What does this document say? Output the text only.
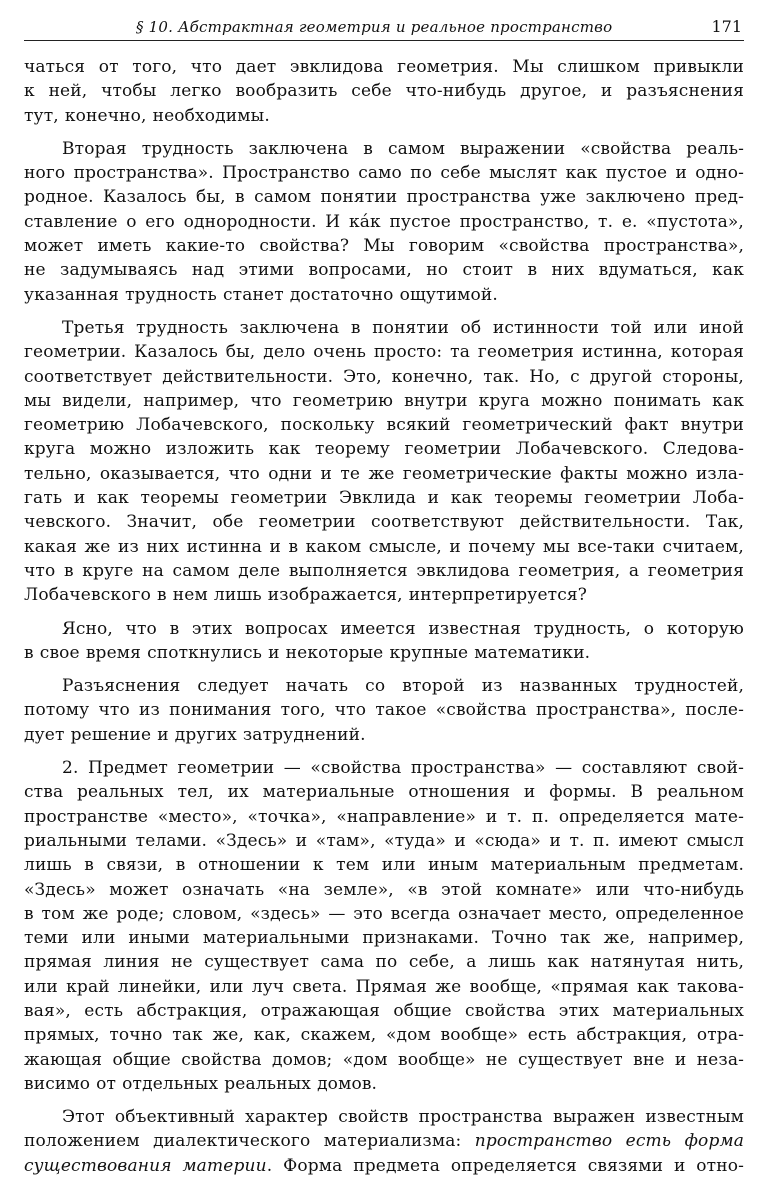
§ 10. Абстрактная геометрия и реальное пространство	171
чаться от того, что дает эвклидова геометрия. Мы слишком привыкли
к ней, чтобы легко вообразить себе что-нибудь другое, и разъяснения
тут, конечно, необходимы.
Вторая трудность заключена в самом выражении «свойства реаль-
ного пространства». Пространство само по себе мыслят как пустое и одно-
родное. Казалось бы, в самом понятии пространства уже заключено пред-
ставление о его однородности. И кáк пустое пространство, т. е. «пустота»,
может иметь какие-то свойства? Мы говорим «свойства пространства»,
не задумываясь над этими вопросами, но стоит в них вдуматься, как
указанная трудность станет достаточно ощутимой.
Третья трудность заключена в понятии об истинности той или иной
геометрии. Казалось бы, дело очень просто: та геометрия истинна, которая
соответствует действительности. Это, конечно, так. Но, с другой стороны,
мы видели, например, что геометрию внутри круга можно понимать как
геометрию Лобачевского, поскольку всякий геометрический факт внутри
круга можно изложить как теорему геометрии Лобачевского. Следова-
тельно, оказывается, что одни и те же геометрические факты можно изла-
гать и как теоремы геометрии Эвклида и как теоремы геометрии Лоба-
чевского. Значит, обе геометрии соответствуют действительности. Так,
какая же из них истинна и в каком смысле, и почему мы все-таки считаем,
что в круге на самом деле выполняется эвклидова геометрия, а геометрия
Лобачевского в нем лишь изображается, интерпретируется?
Ясно, что в этих вопросах имеется известная трудность, о которую
в свое время споткнулись и некоторые крупные математики.
Разъяснения следует начать со второй из названных трудностей,
потому что из понимания того, что такое «свойства пространства», после-
дует решение и других затруднений.
2. Предмет геометрии — «свойства пространства» — составляют свой-
ства реальных тел, их материальные отношения и формы. В реальном
пространстве «место», «точка», «направление» и т. п. определяется мате-
риальными телами. «Здесь» и «там», «туда» и «сюда» и т. п. имеют смысл
лишь в связи, в отношении к тем или иным материальным предметам.
«Здесь» может означать «на земле», «в этой комнате» или что-нибудь
в том же роде; словом, «здесь» — это всегда означает место, определенное
теми или иными материальными признаками. Точно так же, например,
прямая линия не существует сама по себе, а лишь как натянутая нить,
или край линейки, или луч света. Прямая же вообще, «прямая как такова-
вая», есть абстракция, отражающая общие свойства этих материальных
прямых, точно так же, как, скажем, «дом вообще» есть абстракция, отра-
жающая общие свойства домов; «дом вообще» не существует вне и неза-
висимо от отдельных реальных домов.
Этот объективный характер свойств пространства выражен известным
положением диалектического материализма: пространство есть форма
существования материи. Форма предмета определяется связями и отно-
